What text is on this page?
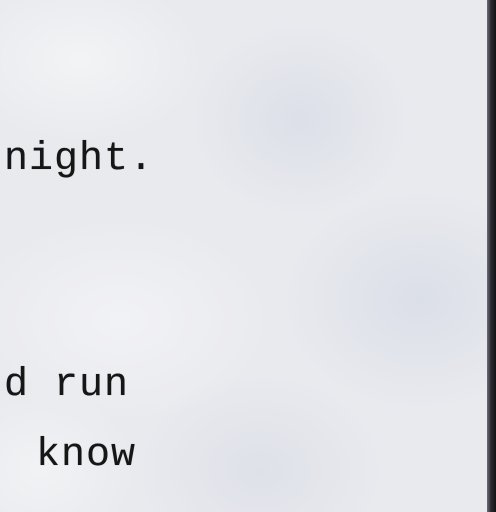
night.

d run

know
